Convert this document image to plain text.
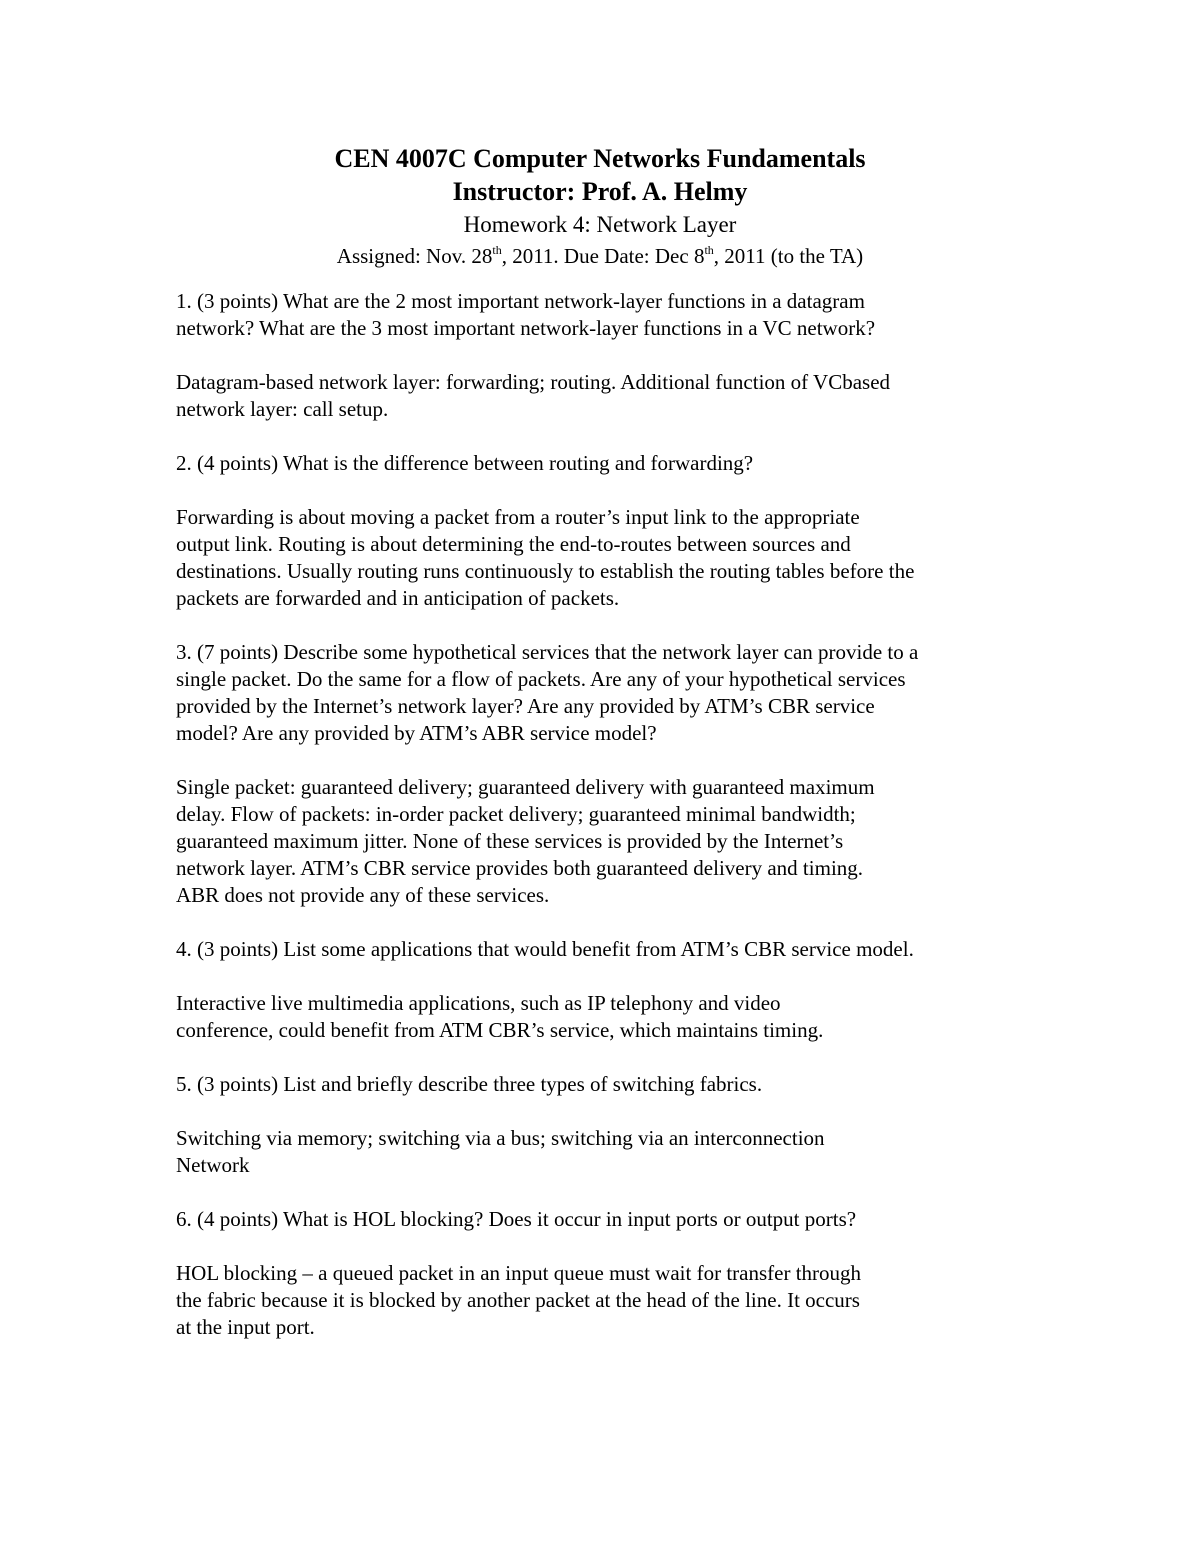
CEN 4007C Computer Networks Fundamentals

Instructor: Prof. A. Helmy

Homework 4: Network Layer

Assigned: Nov. 28th, 2011. Due Date: Dec 8th, 2011 (to the TA)

1. (3 points) What are the 2 most important network-layer functions in a datagram

network? What are the 3 most important network-layer functions in a VC network?

Datagram-based network layer: forwarding; routing. Additional function of VCbased

network layer: call setup.

2. (4 points) What is the difference between routing and forwarding?

Forwarding is about moving a packet from a router’s input link to the appropriate

output link. Routing is about determining the end-to-routes between sources and

destinations. Usually routing runs continuously to establish the routing tables before the

packets are forwarded and in anticipation of packets.

3. (7 points) Describe some hypothetical services that the network layer can provide to a

single packet. Do the same for a flow of packets. Are any of your hypothetical services

provided by the Internet’s network layer? Are any provided by ATM’s CBR service

model? Are any provided by ATM’s ABR service model?

Single packet: guaranteed delivery; guaranteed delivery with guaranteed maximum

delay. Flow of packets: in-order packet delivery; guaranteed minimal bandwidth;

guaranteed maximum jitter. None of these services is provided by the Internet’s

network layer. ATM’s CBR service provides both guaranteed delivery and timing.

ABR does not provide any of these services.

4. (3 points) List some applications that would benefit from ATM’s CBR service model.

Interactive live multimedia applications, such as IP telephony and video

conference, could benefit from ATM CBR’s service, which maintains timing.

5. (3 points) List and briefly describe three types of switching fabrics.

Switching via memory; switching via a bus; switching via an interconnection

Network

6. (4 points) What is HOL blocking? Does it occur in input ports or output ports?

HOL blocking – a queued packet in an input queue must wait for transfer through

the fabric because it is blocked by another packet at the head of the line. It occurs

at the input port.
